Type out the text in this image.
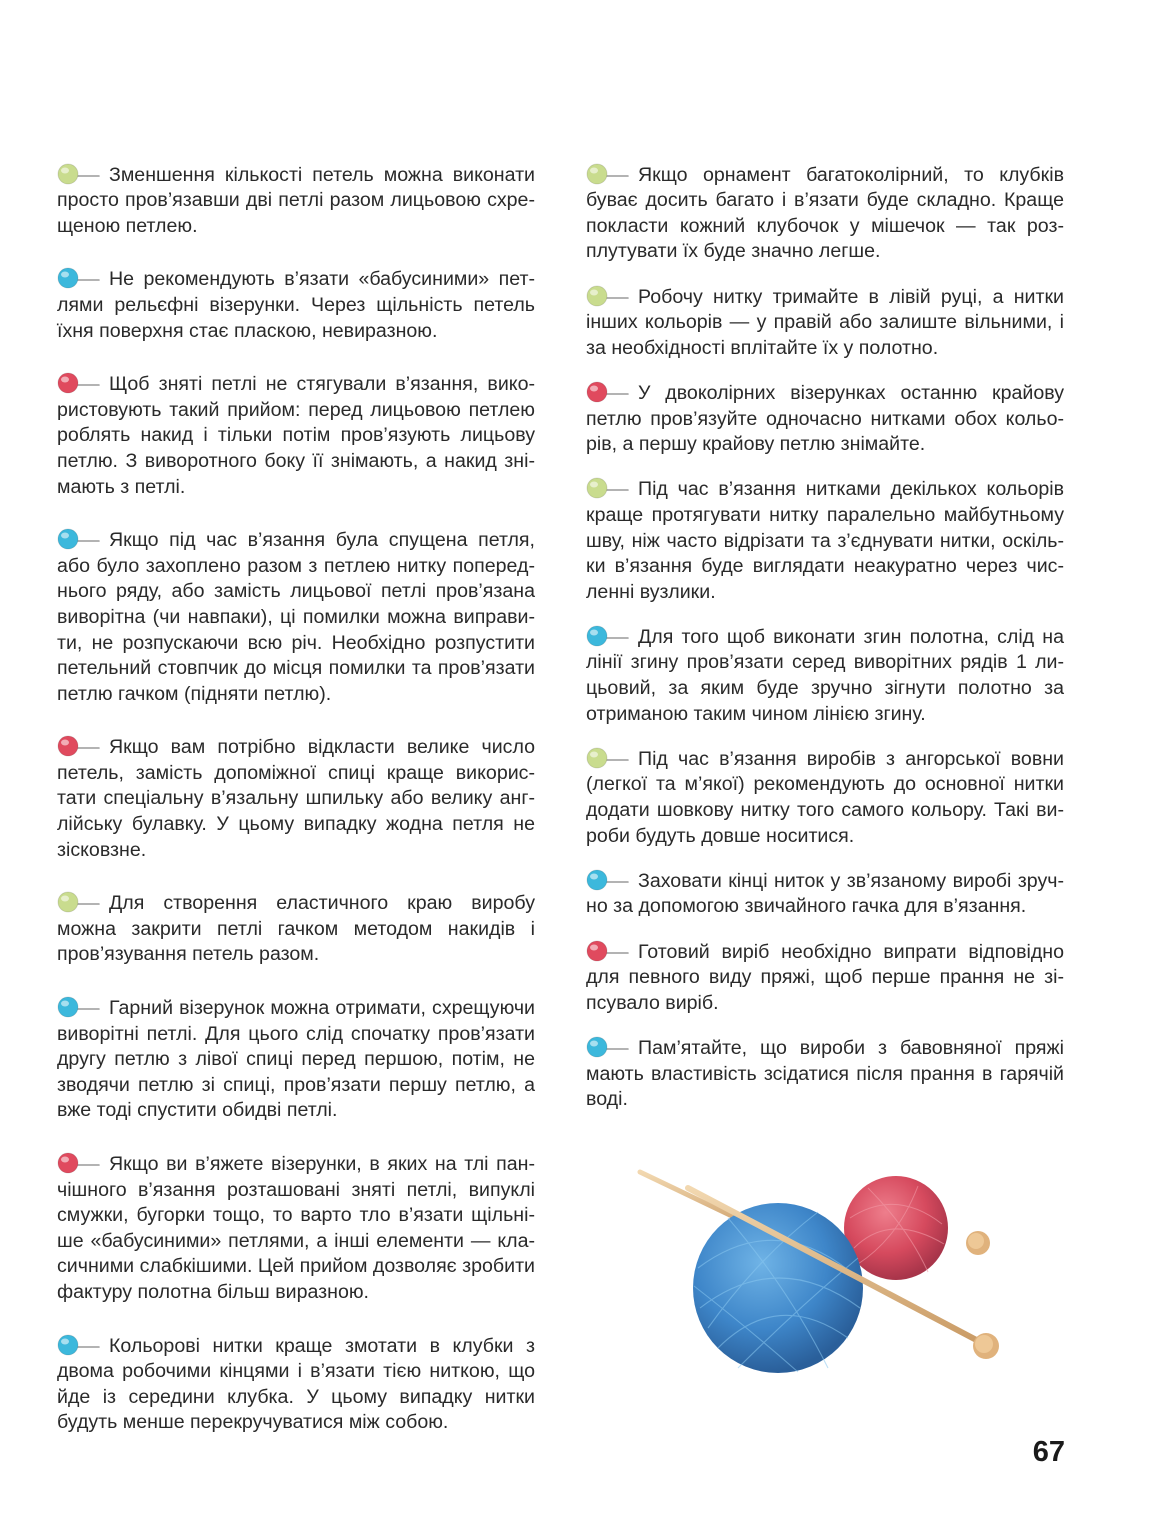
Зменшення кількості петель можна виконати просто пров’язавши дві петлі разом лицьовою схрещеною петлею.

Не рекомендують в’язати «бабусиними» петлями рельєфні візерунки. Через щільність петель їхня поверхня стає пласкою, невиразною.

Щоб зняті петлі не стягували в’язання, використовують такий прийом: перед лицьовою петлею роблять накид і тільки потім пров’язують лицьову петлю. З виворотного боку її знімають, а накид знімають з петлі.

Якщо під час в’язання була спущена петля, або було захоплено разом з петлею нитку попереднього ряду, або замість лицьової петлі пров’язана виворітна (чи навпаки), ці помилки можна виправити, не розпускаючи всю річ. Необхідно розпустити петельний стовпчик до місця помилки та пров’язати петлю гачком (підняти петлю).

Якщо вам потрібно відкласти велике число петель, замість допоміжної спиці краще використати спеціальну в’язальну шпильку або велику англійську булавку. У цьому випадку жодна петля не зісковзне.

Для створення еластичного краю виробу можна закрити петлі гачком методом накидів і пров’язування петель разом.

Гарний візерунок можна отримати, схрещуючи виворітні петлі. Для цього слід спочатку пров’язати другу петлю з лівої спиці перед першою, потім, не зводячи петлю зі спиці, пров’язати першу петлю, а вже тоді спустити обидві петлі.

Якщо ви в’яжете візерунки, в яких на тлі панчішного в’язання розташовані зняті петлі, випуклі смужки, бугорки тощо, то варто тло в’язати щільніше «бабусиними» петлями, а інші елементи — класичними слабкішими. Цей прийом дозволяє зробити фактуру полотна більш виразною.

Кольорові нитки краще змотати в клубки з двома робочими кінцями і в’язати тією ниткою, що йде із середини клубка. У цьому випадку нитки будуть менше перекручуватися між собою.

Якщо орнамент багатоколірний, то клубків буває досить багато і в’язати буде складно. Краще покласти кожний клубочок у мішечок — так розплутувати їх буде значно легше.

Робочу нитку тримайте в лівій руці, а нитки інших кольорів — у правій або залиште вільними, і за необхідності вплітайте їх у полотно.

У двоколірних візерунках останню крайову петлю пров’язуйте одночасно нитками обох кольорів, а першу крайову петлю знімайте.

Під час в’язання нитками декількох кольорів краще протягувати нитку паралельно майбутньому шву, ніж часто відрізати та з’єднувати нитки, оскільки в’язання буде виглядати неакуратно через численні вузлики.

Для того щоб виконати згин полотна, слід на лінії згину пров’язати серед виворітних рядів 1 лицьовий, за яким буде зручно зігнути полотно за отриманою таким чином лінією згину.

Під час в’язання виробів з ангорської вовни (легкої та м’якої) рекомендують до основної нитки додати шовкову нитку того самого кольору. Такі вироби будуть довше носитися.

Заховати кінці ниток у зв’язаному виробі зручно за допомогою звичайного гачка для в’язання.

Готовий виріб необхідно випрати відповідно для певного виду пряжі, щоб перше прання не зіпсувало виріб.

Пам’ятайте, що вироби з бавовняної пряжі мають властивість зсідатися після прання в гарячій воді.

67
